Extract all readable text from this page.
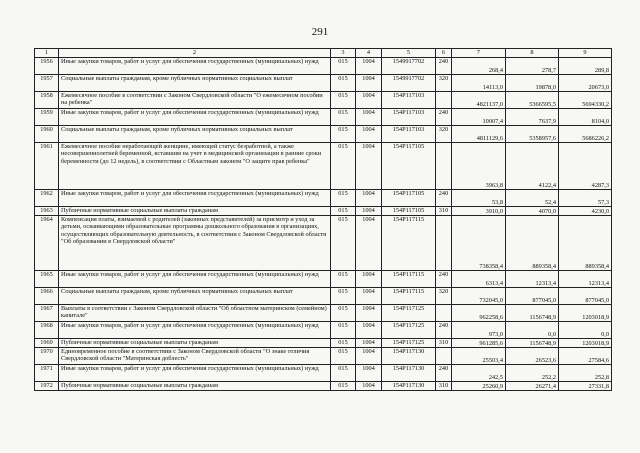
291
1	2	3	4	5	6	7	8	9
1956	Иные закупки товаров, работ и услуг для обеспечения государственных (муниципальных) нужд	015	1004	1549917702	240	268,4	278,7	289,8
1957	Социальные выплаты гражданам, кроме публичных нормативных социальных выплат	015	1004	1549917702	320	14113,0	19878,0	20673,0
1958	Ежемесячное пособие в соответствии с Законом Свердловской области "О ежемесячном пособии на ребенка"	015	1004	154Р117103		4821137,0	5366595,5	5694330,2
1959	Иные закупки товаров, работ и услуг для обеспечения государственных (муниципальных) нужд	015	1004	154Р117103	240	10007,4	7637,9	8104,0
1960	Социальные выплаты гражданам, кроме публичных нормативных социальных выплат	015	1004	154Р117103	320	4811129,6	5358957,6	5686226,2
1961	Ежемесячное пособие неработающей женщине, имеющей статус безработной, а также несовершеннолетней беременной, вставшим на учет в медицинской организации в ранние сроки беременности (до 12 недель), в соответствии с Областным законом "О защите прав ребенка"	015	1004	154Р117105		3963,8	4122,4	4287,3
1962	Иные закупки товаров, работ и услуг для обеспечения государственных (муниципальных) нужд	015	1004	154Р117105	240	53,8	52,4	57,3
1963	Публичные нормативные социальные выплаты гражданам	015	1004	154Р117105	310	3910,0	4070,0	4230,0
1964	Компенсация платы, взимаемой с родителей (законных представителей) за присмотр и уход за детьми, осваивающими образовательные программы дошкольного образования в организациях, осуществляющих образовательную деятельность, в соответствии с Законом Свердловской области "Об образовании в Свердловской области"	015	1004	154Р117115		738358,4	889358,4	889358,4
1965	Иные закупки товаров, работ и услуг для обеспечения государственных (муниципальных) нужд	015	1004	154Р117115	240	6313,4	12313,4	12313,4
1966	Социальные выплаты гражданам, кроме публичных нормативных социальных выплат	015	1004	154Р117115	320	732045,0	877045,0	877045,0
1967	Выплаты в соответствии с Законом Свердловской области "Об областном материнском (семейном) капитале"	015	1004	154Р117125		962258,6	1156748,9	1203018,9
1968	Иные закупки товаров, работ и услуг для обеспечения государственных (муниципальных) нужд	015	1004	154Р117125	240	973,0	0,0	0,0
1969	Публичные нормативные социальные выплаты гражданам	015	1004	154Р117125	310	961285,6	1156748,9	1203018,9
1970	Единовременное пособие в соответствии с Законом Свердловской области "О знаке отличия Свердловской области "Материнская доблесть"	015	1004	154Р117130		25503,4	26523,6	27584,6
1971	Иные закупки товаров, работ и услуг для обеспечения государственных (муниципальных) нужд	015	1004	154Р117130	240	242,5	252,2	252,8
1972	Публичные нормативные социальные выплаты гражданам	015	1004	154Р117130	310	25260,9	26271,4	27331,8
